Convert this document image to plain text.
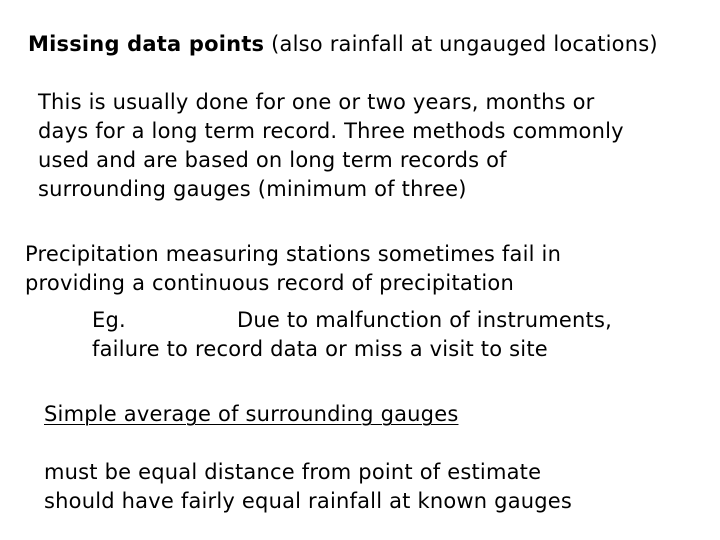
Missing data points (also rainfall at ungauged locations)
This is usually done for one or two years, months or
days for a long term record. Three methods commonly
used and are based on long term records of
surrounding gauges (minimum of three)
Precipitation measuring stations sometimes fail in
providing a continuous record of precipitation
Eg.	Due to malfunction of instruments,
failure to record data or miss a visit to site
Simple average of surrounding gauges
must be equal distance from point of estimate
should have fairly equal rainfall at known gauges
